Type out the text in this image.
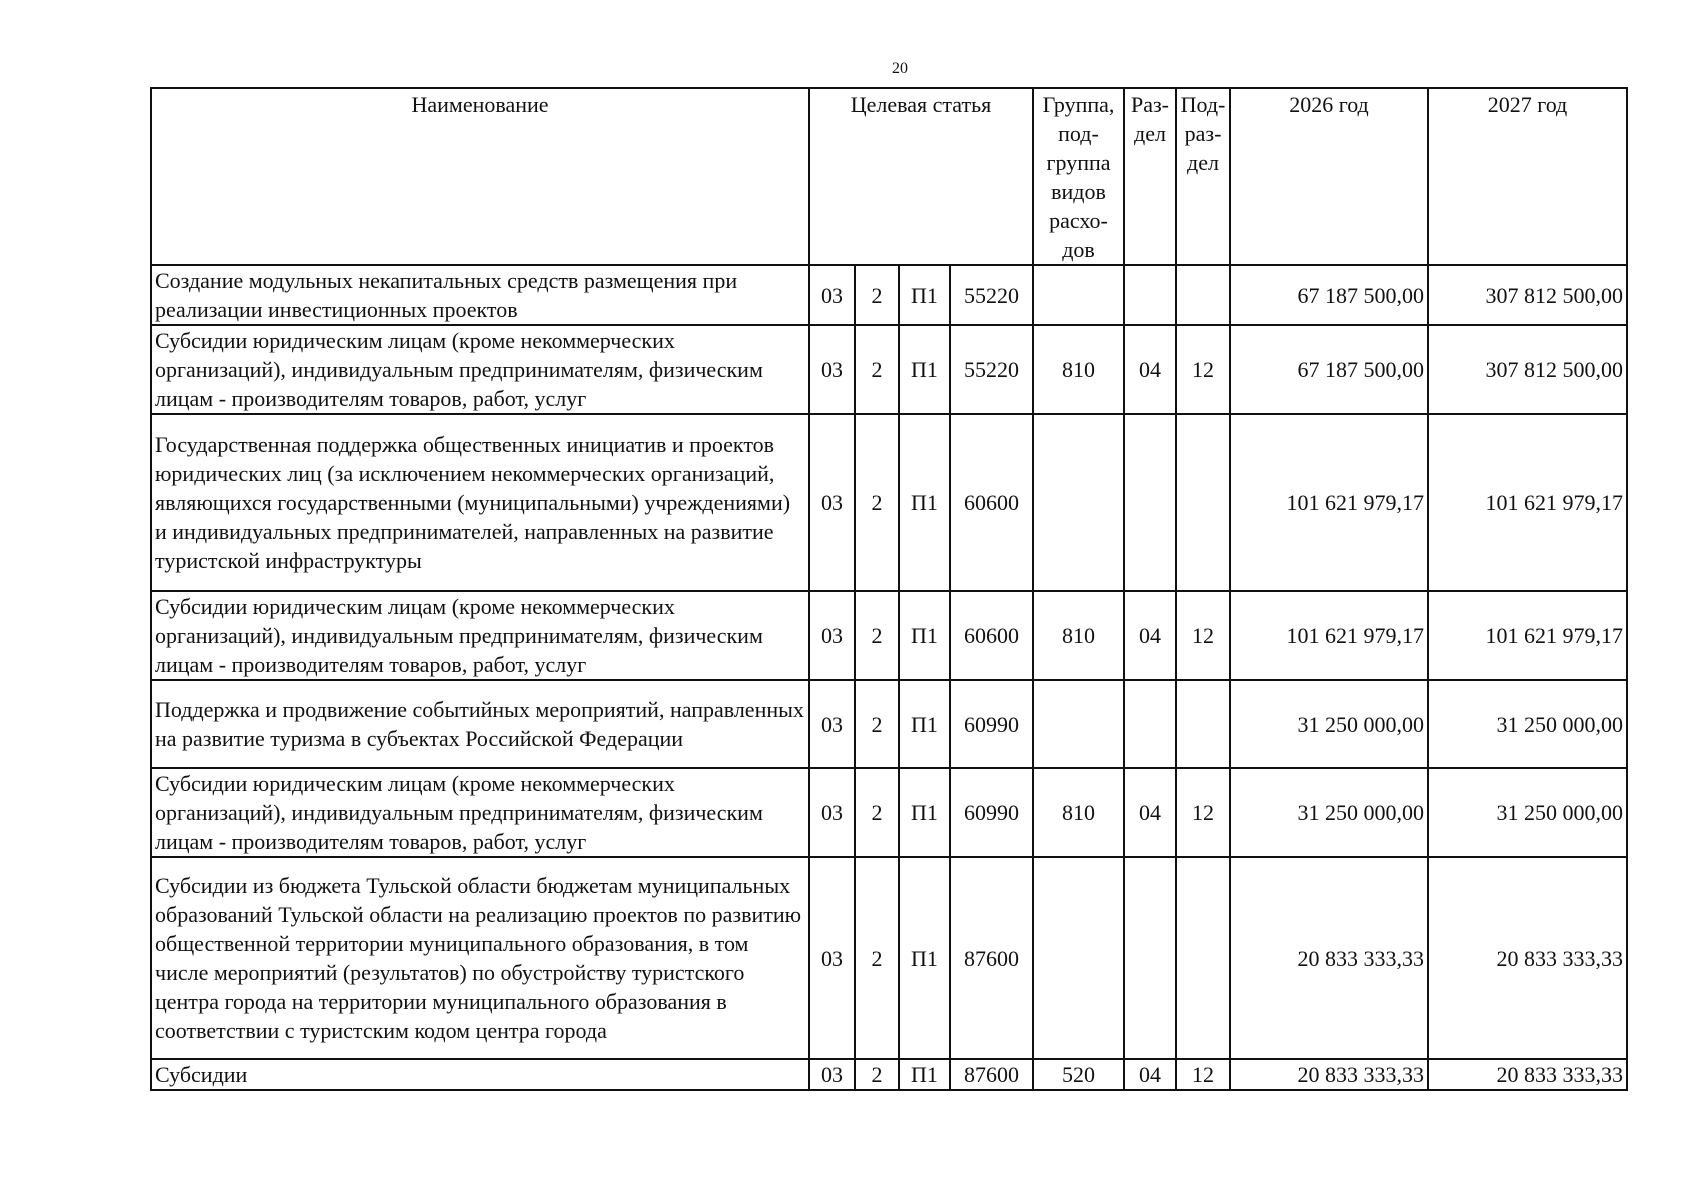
20
Наименование	Целевая статья				Группа, под- группа видов расхо- дов	Раз- дел	Под- раз- дел	2026 год	2027 год
Создание модульных некапитальных средств размещения при реализации инвестиционных проектов	03	2	П1	55220				67 187 500,00	307 812 500,00
Субсидии юридическим лицам (кроме некоммерческих организаций), индивидуальным предпринимателям, физическим лицам - производителям товаров, работ, услуг	03	2	П1	55220	810	04	12	67 187 500,00	307 812 500,00
Государственная поддержка общественных инициатив и проектов юридических лиц (за исключением некоммерческих организаций, являющихся государственными (муниципальными) учреждениями) и индивидуальных предпринимателей, направленных на развитие туристской инфраструктуры	03	2	П1	60600				101 621 979,17	101 621 979,17
Субсидии юридическим лицам (кроме некоммерческих организаций), индивидуальным предпринимателям, физическим лицам - производителям товаров, работ, услуг	03	2	П1	60600	810	04	12	101 621 979,17	101 621 979,17
Поддержка и продвижение событийных мероприятий, направленных на развитие туризма в субъектах Российской Федерации	03	2	П1	60990				31 250 000,00	31 250 000,00
Субсидии юридическим лицам (кроме некоммерческих организаций), индивидуальным предпринимателям, физическим лицам - производителям товаров, работ, услуг	03	2	П1	60990	810	04	12	31 250 000,00	31 250 000,00
Субсидии из бюджета Тульской области бюджетам муниципальных образований Тульской области на реализацию проектов по развитию общественной территории муниципального образования, в том числе мероприятий (результатов) по обустройству туристского центра города на территории муниципального образования в соответствии с туристским кодом центра города	03	2	П1	87600				20 833 333,33	20 833 333,33
Субсидии	03	2	П1	87600	520	04	12	20 833 333,33	20 833 333,33
